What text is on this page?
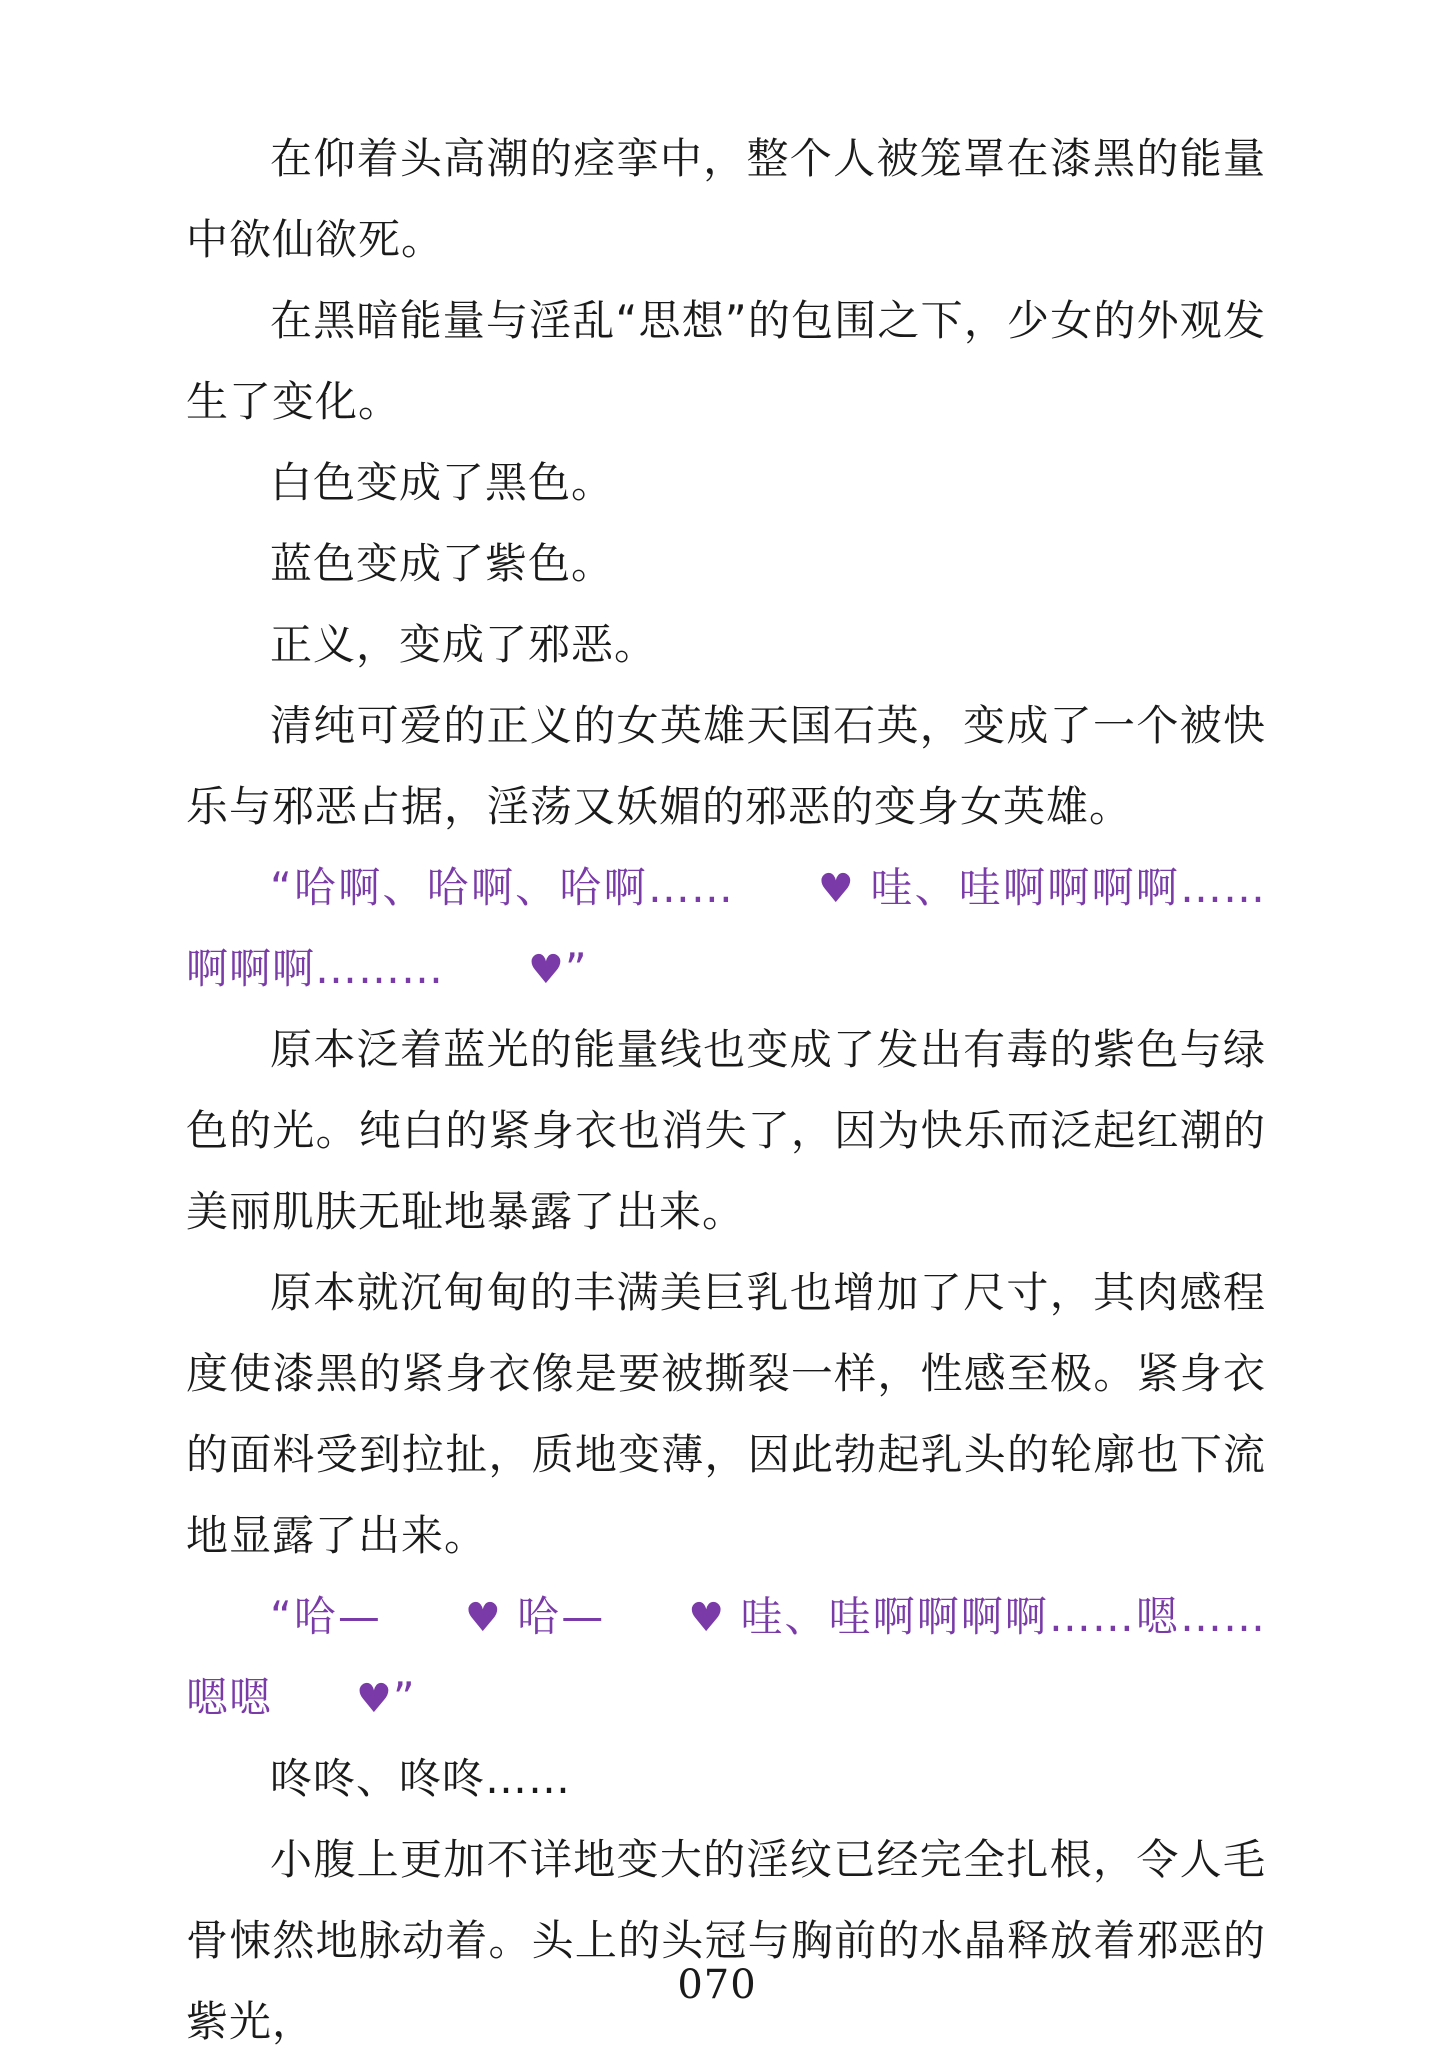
在仰着头高潮的痉挛中，整个人被笼罩在漆黑的能量中欲仙欲死。

在黑暗能量与淫乱“思想”的包围之下，少女的外观发生了变化。

白色变成了黑色。

蓝色变成了紫色。

正义，变成了邪恶。

清纯可爱的正义的女英雄天国石英，变成了一个被快乐与邪恶占据，淫荡又妖媚的邪恶的变身女英雄。

“哈啊、哈啊、哈啊…… ♥ 哇、哇啊啊啊啊……啊啊啊……… ♥”

原本泛着蓝光的能量线也变成了发出有毒的紫色与绿色的光。纯白的紧身衣也消失了，因为快乐而泛起红潮的美丽肌肤无耻地暴露了出来。

原本就沉甸甸的丰满美巨乳也增加了尺寸，其肉感程度使漆黑的紧身衣像是要被撕裂一样，性感至极。紧身衣的面料受到拉扯，质地变薄，因此勃起乳头的轮廓也下流地显露了出来。

“哈— ♥ 哈— ♥ 哇、哇啊啊啊啊……嗯……嗯嗯 ♥”

咚咚、咚咚……

小腹上更加不详地变大的淫纹已经完全扎根，令人毛骨悚然地脉动着。头上的头冠与胸前的水晶释放着邪恶的紫光，

070
